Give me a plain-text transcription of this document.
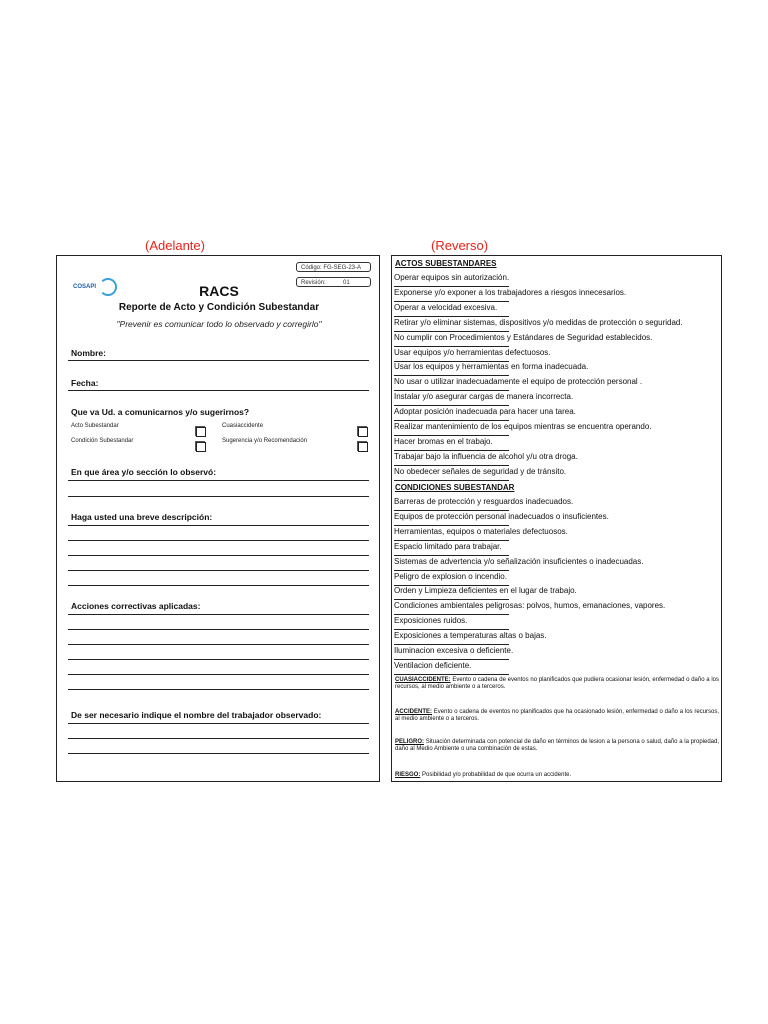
(Adelante)	(Reverso)
COSAPI
Código: FG-SEG-23-A
Revisión:	01
RACS
Reporte de Acto y Condición Subestandar
"Prevenir es comunicar todo lo observado y corregirlo"
Nombre:
Fecha:
Que va Ud. a comunicarnos y/o sugerirnos?
Acto Subestandar	Cuasiaccidente
Condición Subestandar	Sugerencia y/o Recomendación
En que área y/o sección lo observó:
Haga usted una breve descripción:
Acciones correctivas aplicadas:
De ser necesario indique el nombre del trabajador observado:
ACTOS SUBESTANDARES
Operar equipos sin autorización.
Exponerse y/o exponer a los trabajadores a riesgos innecesarios.
Operar a velocidad excesiva.
Retirar y/o eliminar sistemas, dispositivos y/o medidas de protección o seguridad.
No cumplir con Procedimientos y Estándares de Seguridad establecidos.
Usar equipos y/o herramientas defectuosos.
Usar los equipos y herramientas en forma inadecuada.
No usar o utilizar inadecuadamente el equipo de protección personal .
Instalar y/o asegurar cargas de manera incorrecta.
Adoptar posición inadecuada para hacer una tarea.
Realizar mantenimiento de los equipos mientras se encuentra operando.
Hacer bromas en el trabajo.
Trabajar bajo la influencia de alcohol y/u otra droga.
No obedecer señales de seguridad y de tránsito.
CONDICIONES SUBESTANDAR
Barreras de protección y resguardos inadecuados.
Equipos de protección personal inadecuados o insuficientes.
Herramientas, equipos o materiales defectuosos.
Espacio limitado para trabajar.
Sistemas de advertencia y/o señalización insuficientes o inadecuadas.
Peligro de explosion o incendio.
Orden y Limpieza deficientes en el lugar de trabajo.
Condiciones ambientales peligrosas: polvos, humos, emanaciones, vapores.
Exposiciones ruidos.
Exposiciones a temperaturas altas o bajas.
Iluminacion excesiva o deficiente.
Ventilacion deficiente.
CUASIACCIDENTE: Evento o cadena de eventos no planificados que pudiera ocasionar lesión, enfermedad o daño a los recursos, al medio ambiente o a terceros.
ACCIDENTE: Evento o cadena de eventos no planificados que ha ocasionado lesión, enfermedad o daño a los recursos, al medio ambiente o a terceros.
PELIGRO: Situación determinada con potencial de daño en términos de lesion a la persona o salud, daño a la propiedad, daño al Medio Ambiente o una combinación de estas.
RIESGO: Posibilidad y/o probabilidad de que ocurra un accidente.
